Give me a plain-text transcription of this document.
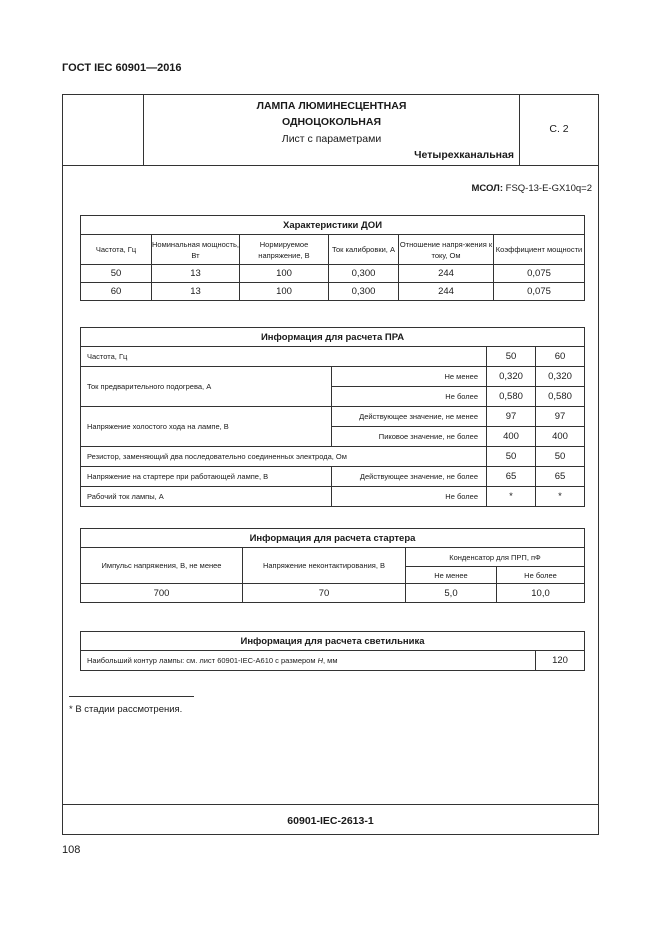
ГОСТ IEC 60901—2016
ЛАМПА ЛЮМИНЕСЦЕНТНАЯ
ОДНОЦОКОЛЬНАЯ
Лист с параметрами
Четырехканальная
С. 2
МСОЛ: FSQ-13-E-GX10q=2
Характеристики ДОИ					
Частота, Гц	Номинальная мощность, Вт	Нормируемое напряжение, В	Ток калибровки, А	Отношение напря-жения к току, Ом	Коэффициент мощности
50	13	100	0,300	244	0,075
60	13	100	0,300	244	0,075
Информация для расчета ПРА			
Частота, Гц		50	60
Ток предварительного подогрева, А	Не менее	0,320	0,320
	Не более	0,580	0,580
Напряжение холостого хода на лампе, В	Действующее значение, не менее	97	97
	Пиковое значение, не более	400	400
Резистор, заменяющий два последовательно соединенных электрода, Ом		50	50
Напряжение на стартере при работающей лампе, В	Действующее значение, не более	65	65
Рабочий ток лампы, А	Не более	*	*
Информация для расчета стартера			
Импульс напряжения, В, не менее	Напряжение неконтактирования, В	Конденсатор для ПРП, пФ	
		Не менее	Не более
700	70	5,0	10,0
Информация для расчета светильника
Наибольший контур лампы: см. лист 60901-IEC-A610 с размером H, мм	120
* В стадии рассмотрения.
60901-IEC-2613-1
108
